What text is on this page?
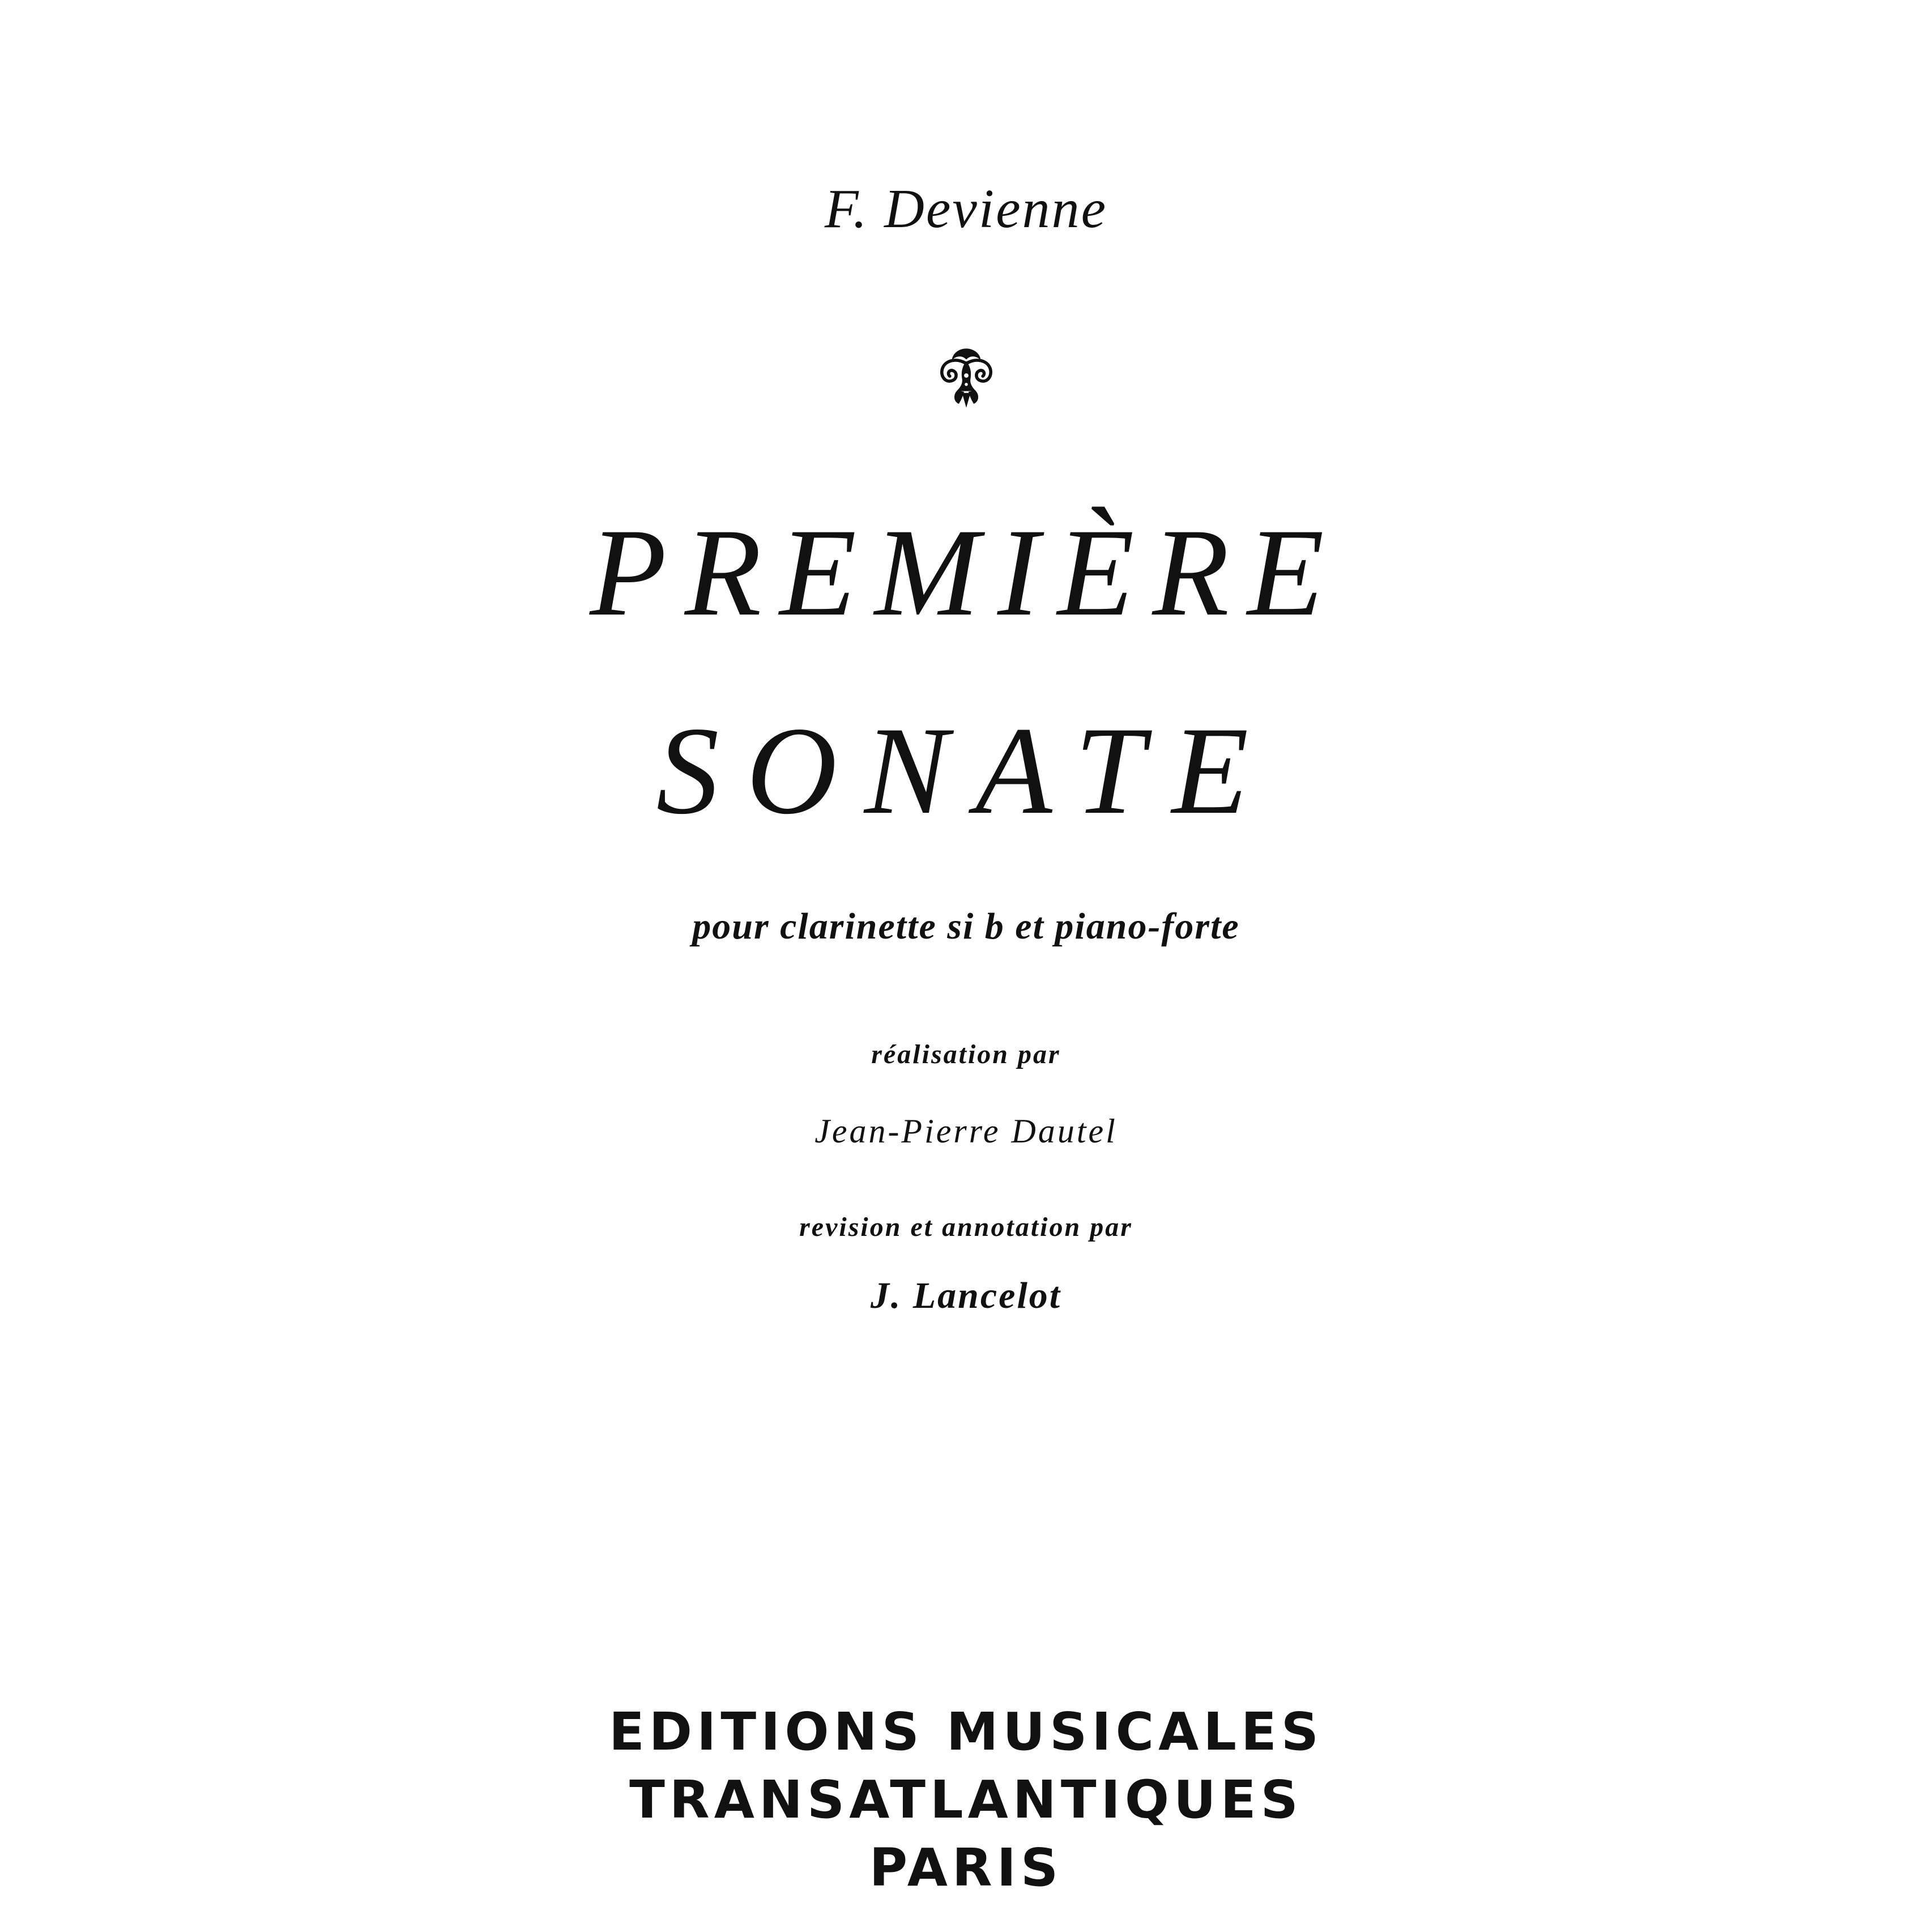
F. Devienne
PREMIÈRE
SONATE
pour clarinette si b et piano-forte
réalisation par
Jean-Pierre Dautel
revision et annotation par
J. Lancelot
EDITIONS MUSICALES
TRANSATLANTIQUES
PARIS
